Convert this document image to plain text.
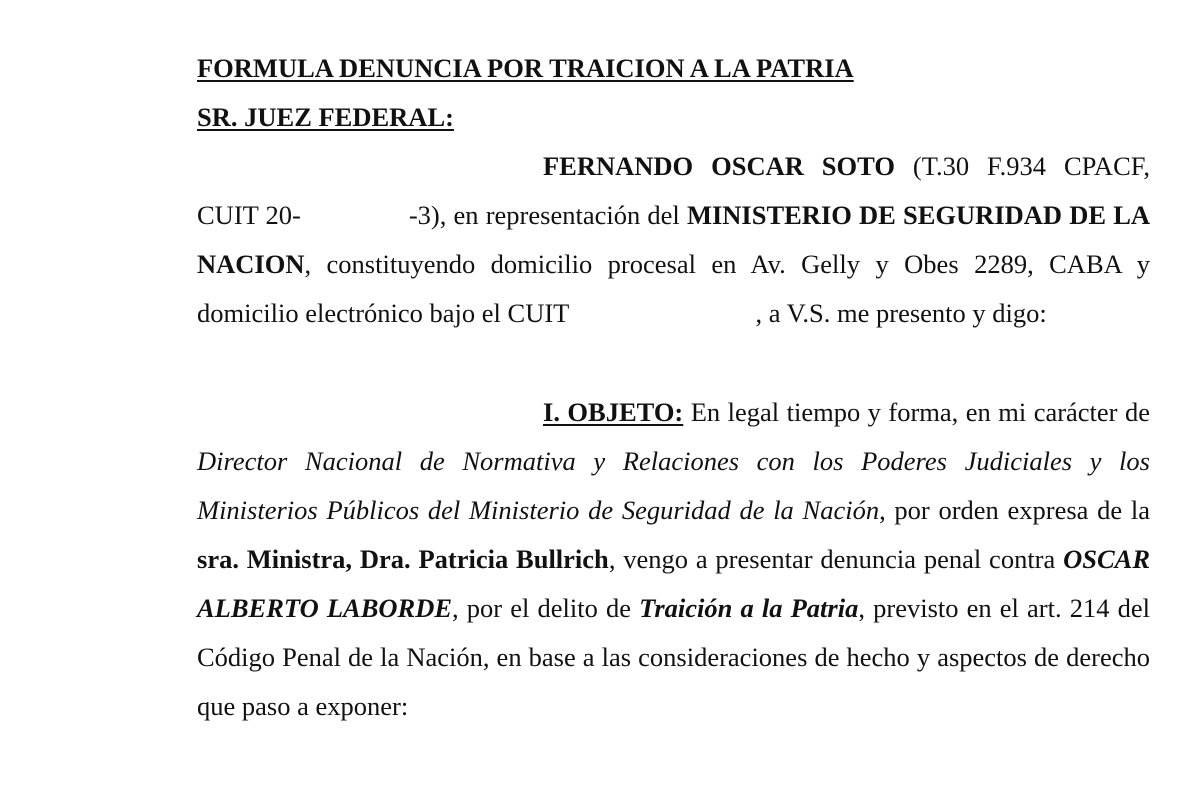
FORMULA DENUNCIA POR TRAICION A LA PATRIA
SR. JUEZ FEDERAL:

FERNANDO OSCAR SOTO (T.30 F.934 CPACF, CUIT 20-	-3), en representación del MINISTERIO DE SEGURIDAD DE LA NACION, constituyendo domicilio procesal en Av. Gelly y Obes 2289, CABA y domicilio electrónico bajo el CUIT	, a V.S. me presento y digo:

I. OBJETO: En legal tiempo y forma, en mi carácter de Director Nacional de Normativa y Relaciones con los Poderes Judiciales y los Ministerios Públicos del Ministerio de Seguridad de la Nación, por orden expresa de la sra. Ministra, Dra. Patricia Bullrich, vengo a presentar denuncia penal contra OSCAR ALBERTO LABORDE, por el delito de Traición a la Patria, previsto en el art. 214 del Código Penal de la Nación, en base a las consideraciones de hecho y aspectos de derecho que paso a exponer:
